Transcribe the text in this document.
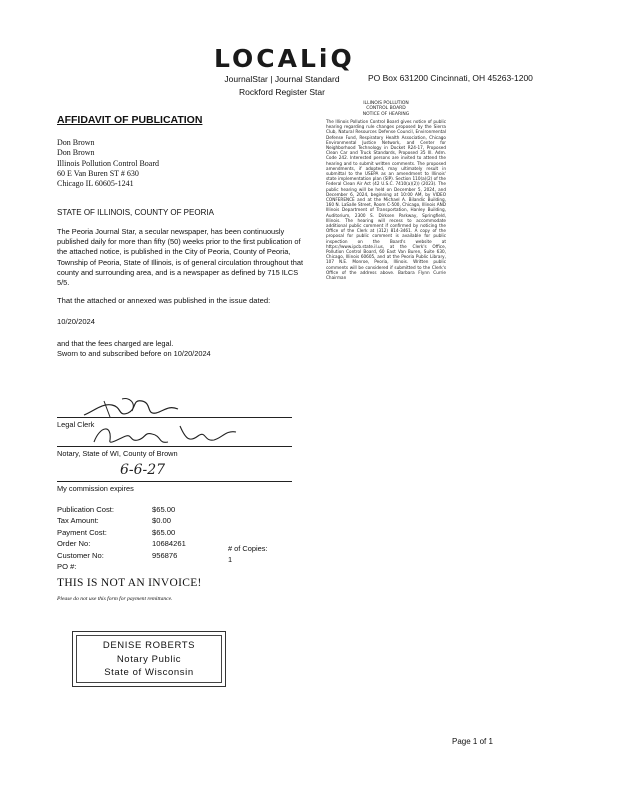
LOCALiQ
JournalStar | Journal Standard
Rockford Register Star
PO Box 631200 Cincinnati, OH 45263-1200
AFFIDAVIT OF PUBLICATION
Don Brown
Don Brown
Illinois Pollution Control Board
60 E Van Buren ST # 630
Chicago IL 60605-1241
STATE OF ILLINOIS, COUNTY OF PEORIA
The Peoria Journal Star, a secular newspaper, has been continuously published daily for more than fifty (50) weeks prior to the first publication of the attached notice, is published in the City of Peoria, County of Peoria, Township of Peoria, State of Illinois, is of general circulation throughout that county and surrounding area, and is a newspaper as defined by 715 ILCS 5/5.
That the attached or annexed was published in the issue dated:
10/20/2024
and that the fees charged are legal.
Sworn to and subscribed before on 10/20/2024
Legal Clerk
Notary, State of WI, County of Brown
6-6-27
My commission expires
Publication Cost:	$65.00
Tax Amount:	$0.00
Payment Cost:	$65.00
Order No:	10684261
Customer No:	956876
PO #:	
# of Copies:
1
THIS IS NOT AN INVOICE!
Please do not use this form for payment remittance.
DENISE ROBERTS
Notary Public
State of Wisconsin
Page 1 of 1
ILLINOIS POLLUTION
CONTROL BOARD
NOTICE OF HEARING
The Illinois Pollution Control Board gives notice of public hearing regarding rule changes proposed by the Sierra Club, Natural Resources Defense Council, Environmental Defense Fund, Respiratory Health Association, Chicago Environmental Justice Network, and Center for Neighborhood Technology in Docket R24-17, Proposed Clean Car and Truck Standards, Proposed 35 Ill. Adm. Code 242. Interested persons are invited to attend the hearing and to submit written comments. The proposed amendments, if adopted, may ultimately result in submittal to the USEPA as an amendment to Illinois' state implementation plan (SIP). Section 110(a)(2) of the Federal Clean Air Act (42 U.S.C. 7410(a)(2)) (2023). The public hearing will be held on December 5, 2024, and December 6, 2024, beginning at 10:00 AM, by VIDEO CONFERENCE and at the Michael A. Bilandic Building, 160 N. LaSalle Street, Room C-500, Chicago, Illinois AND Illinois Department of Transportation, Hanley Building, Auditorium, 2300 S. Dirksen Parkway, Springfield, Illinois. The hearing will recess to accommodate additional public comment if confirmed by noticing the Office of the Clerk at (312) 814-3461. A copy of the proposal for public comment is available for public inspection on the Board's website at https://www.ipcb.state.il.us, at the Clerk's Office, Pollution Control Board, 60 East Van Buren, Suite 630, Chicago, Illinois 60605, and at the Peoria Public Library, 107 N.E. Monroe, Peoria, Illinois. Written public comments will be considered if submitted to the Clerk's Office of the address above. Barbara Flynn Currie Chairman
